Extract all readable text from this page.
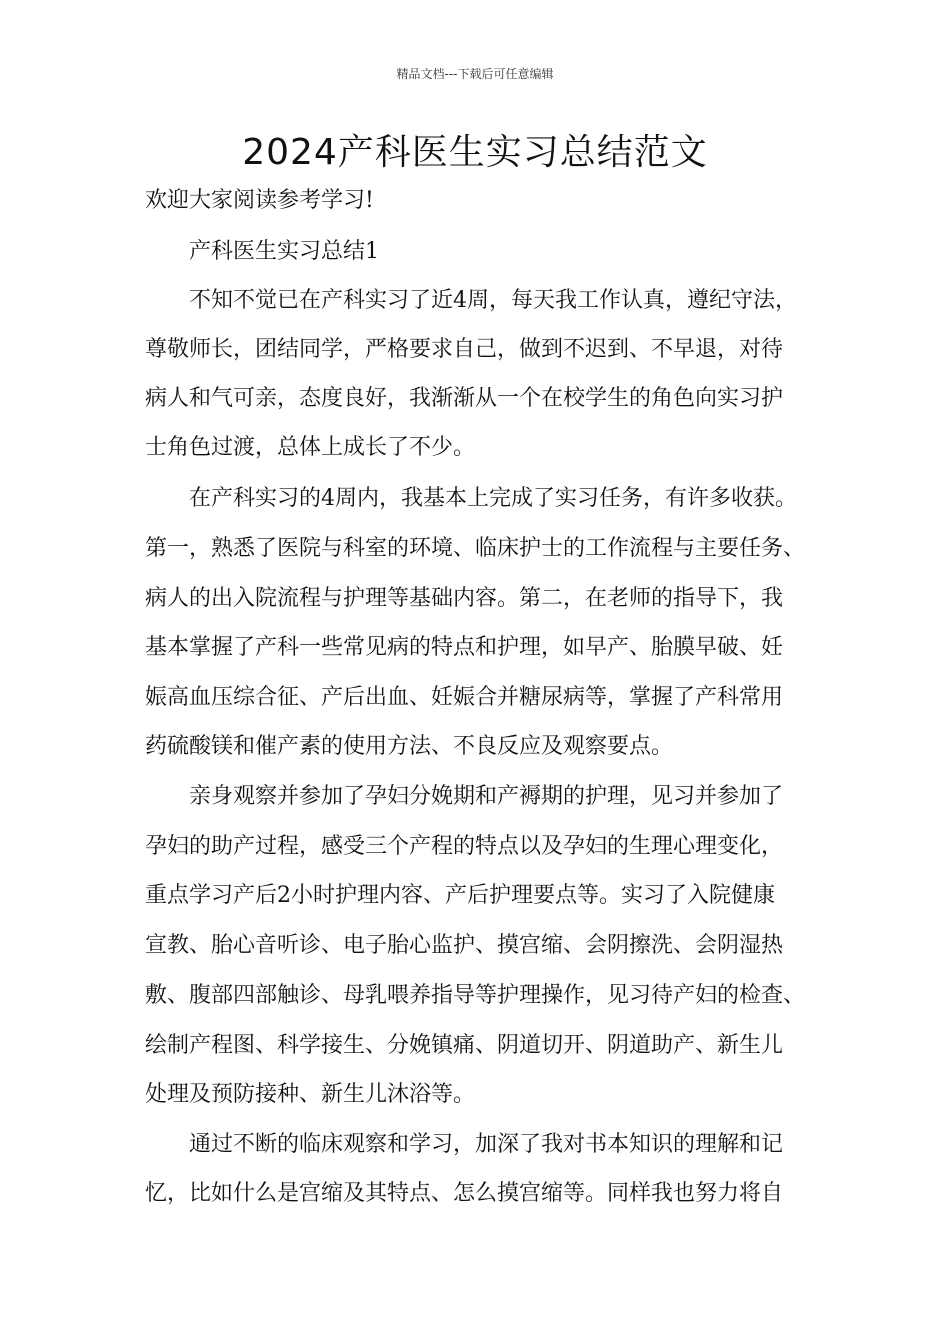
精品文档---下载后可任意编辑
2024产科医生实习总结范文
欢迎大家阅读参考学习!
产科医生实习总结1
不知不觉已在产科实习了近4周，每天我工作认真，遵纪守法，
尊敬师长，团结同学，严格要求自己，做到不迟到、不早退，对待
病人和气可亲，态度良好，我渐渐从一个在校学生的角色向实习护
士角色过渡，总体上成长了不少。
在产科实习的4周内，我基本上完成了实习任务，有许多收获。
第一，熟悉了医院与科室的环境、临床护士的工作流程与主要任务、
病人的出入院流程与护理等基础内容。第二，在老师的指导下，我
基本掌握了产科一些常见病的特点和护理，如早产、胎膜早破、妊
娠高血压综合征、产后出血、妊娠合并糖尿病等，掌握了产科常用
药硫酸镁和催产素的使用方法、不良反应及观察要点。
亲身观察并参加了孕妇分娩期和产褥期的护理，见习并参加了
孕妇的助产过程，感受三个产程的特点以及孕妇的生理心理变化，
重点学习产后2小时护理内容、产后护理要点等。实习了入院健康
宣教、胎心音听诊、电子胎心监护、摸宫缩、会阴擦洗、会阴湿热
敷、腹部四部触诊、母乳喂养指导等护理操作，见习待产妇的检查、
绘制产程图、科学接生、分娩镇痛、阴道切开、阴道助产、新生儿
处理及预防接种、新生儿沐浴等。
通过不断的临床观察和学习，加深了我对书本知识的理解和记
忆，比如什么是宫缩及其特点、怎么摸宫缩等。同样我也努力将自
